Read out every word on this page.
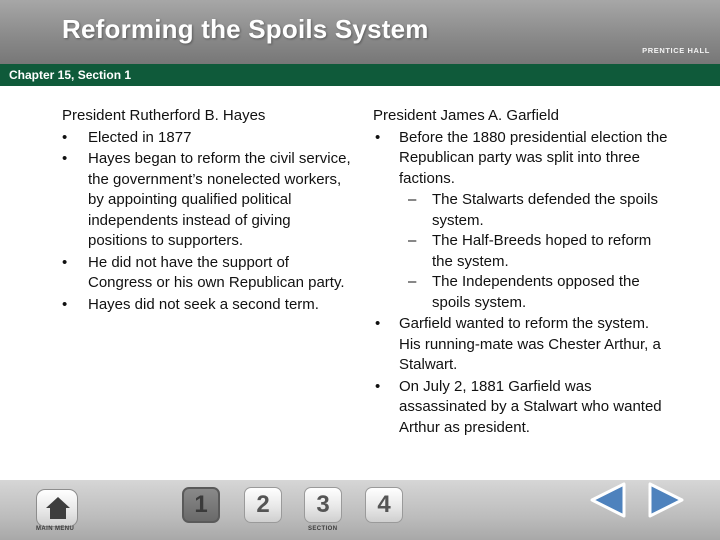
Reforming the Spoils System
PRENTICE HALL
Chapter 15, Section 1
President Rutherford B. Hayes
•	Elected in 1877
•	Hayes began to reform the civil service, the government’s nonelected workers, by appointing qualified political independents instead of giving positions to supporters.
•	He did not have the support of Congress or his own Republican party.
•	Hayes did not seek a second term.
President James A. Garfield
•	Before the 1880 presidential election the Republican party was split into three factions.
– The Stalwarts defended the spoils system.
– The Half-Breeds hoped to reform the system.
– The Independents opposed the spoils system.
•	Garfield wanted to reform the system. His running-mate was Chester Arthur, a Stalwart.
•	On July 2, 1881 Garfield was assassinated by a Stalwart who wanted Arthur as president.
MAIN MENU
1	2	3	4
SECTION
